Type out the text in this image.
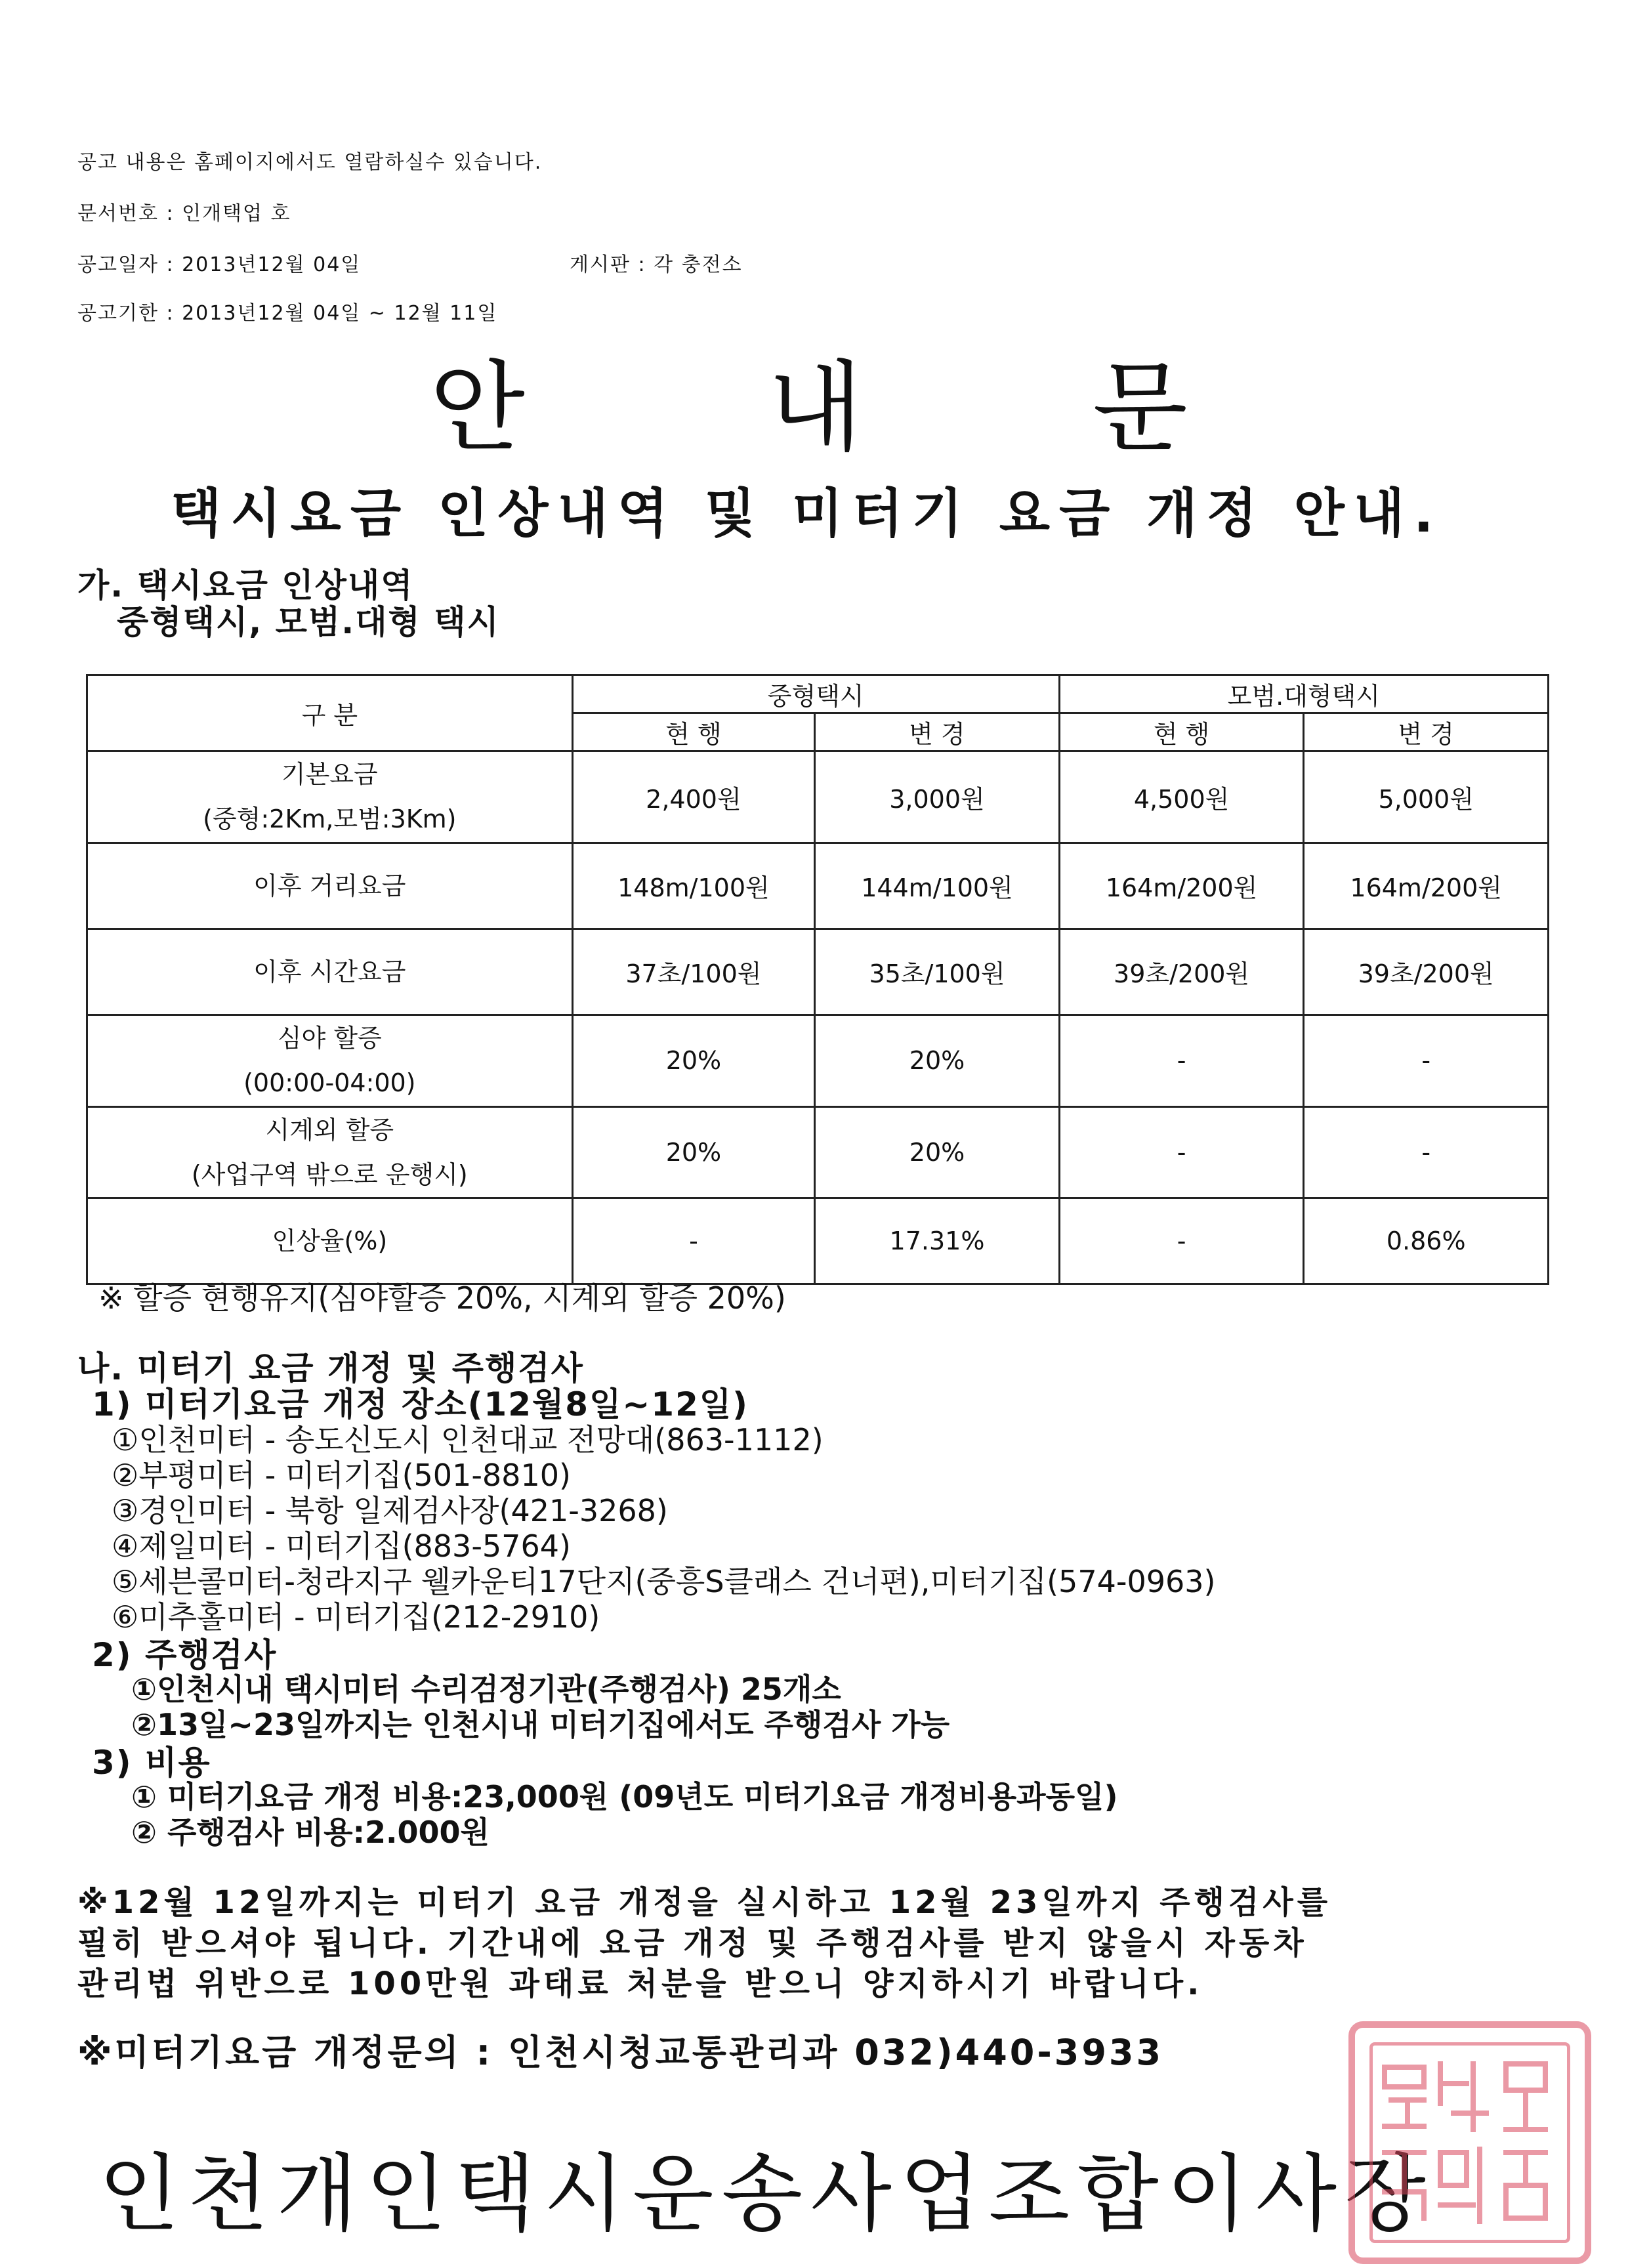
공고 내용은 홈페이지에서도 열람하실수 있습니다.
문서번호 : 인개택업 호
공고일자 : 2013년12월 04일	게시판 : 각 충전소
공고기한 : 2013년12월 04일 ~ 12월 11일
안 내 문
택시요금 인상내역 및 미터기 요금 개정 안내.
가. 택시요금 인상내역
중형택시, 모범.대형 택시
구 분	중형택시		모범.대형택시	
	현 행	변 경	현 행	변 경

기본요금
(중형:2Km,모범:3Km)	2,400원	3,000원	4,500원	5,000원
이후 거리요금	148m/100원	144m/100원	164m/200원	164m/200원
이후 시간요금	37초/100원	35초/100원	39초/200원	39초/200원

심야 할증
(00:00-04:00)	20%	20%	-	-

시계외 할증
(사업구역 밖으로 운행시)	20%	20%	-	-
인상율(%)	-	17.31%	-	0.86%
※ 할증 현행유지(심야할증 20%, 시계외 할증 20%)
나. 미터기 요금 개정 및 주행검사
1) 미터기요금 개정 장소(12월8일~12일)
①인천미터 - 송도신도시 인천대교 전망대(863-1112)
②부평미터 - 미터기집(501-8810)
③경인미터 - 북항 일제검사장(421-3268)
④제일미터 - 미터기집(883-5764)
⑤세븐콜미터-청라지구 웰카운티17단지(중흥S클래스 건너편),미터기집(574-0963)
⑥미추홀미터 - 미터기집(212-2910)
2) 주행검사
①인천시내 택시미터 수리검정기관(주행검사) 25개소
②13일~23일까지는 인천시내 미터기집에서도 주행검사 가능
3) 비용
① 미터기요금 개정 비용:23,000원 (09년도 미터기요금 개정비용과동일)
② 주행검사 비용:2.000원
※12월 12일까지는 미터기 요금 개정을 실시하고 12월 23일까지 주행검사를
필히 받으셔야 됩니다. 기간내에 요금 개정 및 주행검사를 받지 않을시 자동차
관리법 위반으로 100만원 과태료 처분을 받으니 양지하시기 바랍니다.
※미터기요금 개정문의 : 인천시청교통관리과 032)440-3933
인천개인택시운송사업조합이사장
